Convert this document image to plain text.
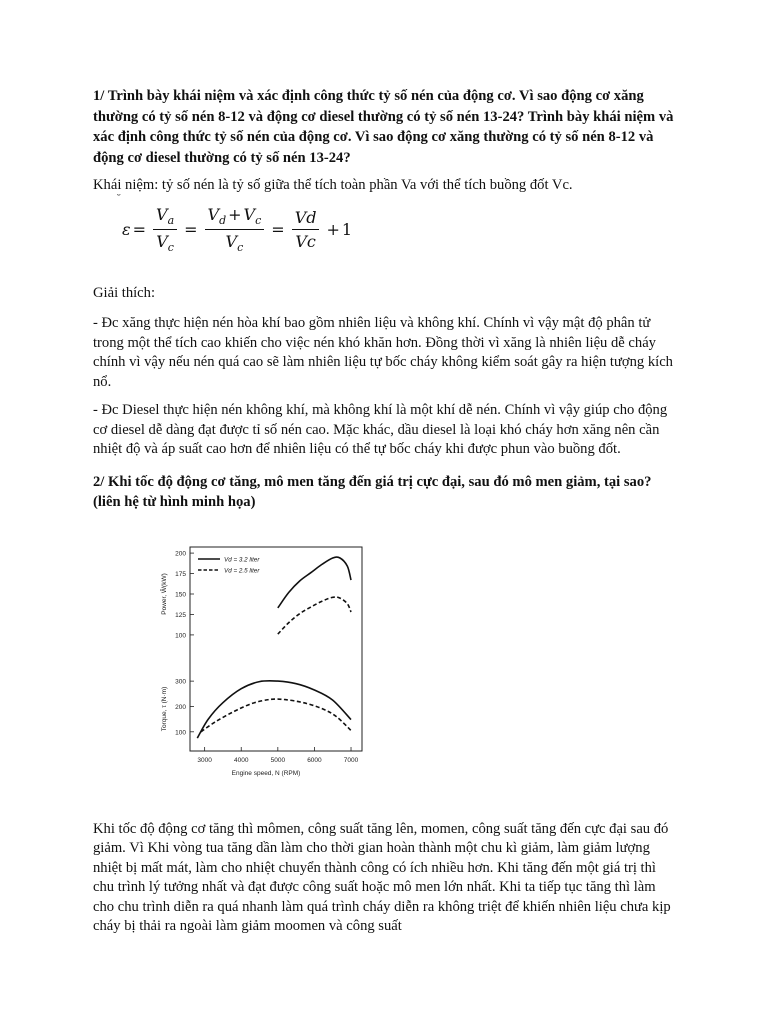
1/ Trình bày khái niệm và xác định công thức tỷ số nén của động cơ. Vì sao động cơ xăng thường có tỷ số nén 8-12 và động cơ diesel thường có tỷ số nén 13-24? Trình bày khái niệm và xác định công thức tỷ số nén của động cơ. Vì sao động cơ xăng thường có tỷ số nén 8-12 và động cơ diesel thường có tỷ số nén 13-24?

Khái niệm: tỷ số nén là tỷ số giữa thể tích toàn phần Va với thể tích buồng đốt Vc.

˘
$\varepsilon = \frac{V_a}{V_c} = \frac{V_d + V_c}{V_c} = \frac{Vd}{Vc} + 1$

Giải thích:

- Đc xăng thực hiện nén hòa khí bao gồm nhiên liệu và không khí. Chính vì vậy mật độ phân tử trong một thể tích cao khiến cho việc nén khó khăn hơn. Đồng thời vì xăng là nhiên liệu dễ cháy chính vì vậy nếu nén quá cao sẽ làm nhiên liệu tự bốc cháy không kiểm soát gây ra hiện tượng kích nổ.

- Đc Diesel thực hiện nén không khí, mà không khí là một khí dễ nén. Chính vì vậy giúp cho động cơ diesel dễ dàng đạt được tỉ số nén cao. Mặc khác, dầu diesel là loại khó cháy hơn xăng nên cần nhiệt độ và áp suất cao hơn để nhiên liệu có thể tự bốc cháy khi được phun vào buồng đốt.

2/ Khi tốc độ động cơ tăng, mô men tăng đến giá trị cực đại, sau đó mô men giảm, tại sao? (liên hệ từ hình minh họa)

3000	4000	5000	6000	7000
Engine speed, N (RPM)
100
125
150
175
200
Power, Ŵ(kW)
100
200
300
Torque, τ (N·m)
Vd = 3.2 liter
Vd = 2.5 liter

Khi tốc độ động cơ tăng thì mômen, công suất tăng lên, momen, công suất tăng đến cực đại sau đó giảm. Vì Khi vòng tua tăng dần làm cho thời gian hoàn thành một chu kì giảm, làm giảm lượng nhiệt bị mất mát, làm cho nhiệt chuyển thành công có ích nhiều hơn. Khi tăng đến một giá trị thì chu trình lý tưởng nhất và đạt được công suất hoặc mô men lớn nhất. Khi ta tiếp tục tăng thì làm cho chu trình diễn ra quá nhanh làm quá trình cháy diễn ra không triệt để khiến nhiên liệu chưa kịp cháy bị thải ra ngoài làm giảm moomen và công suất
